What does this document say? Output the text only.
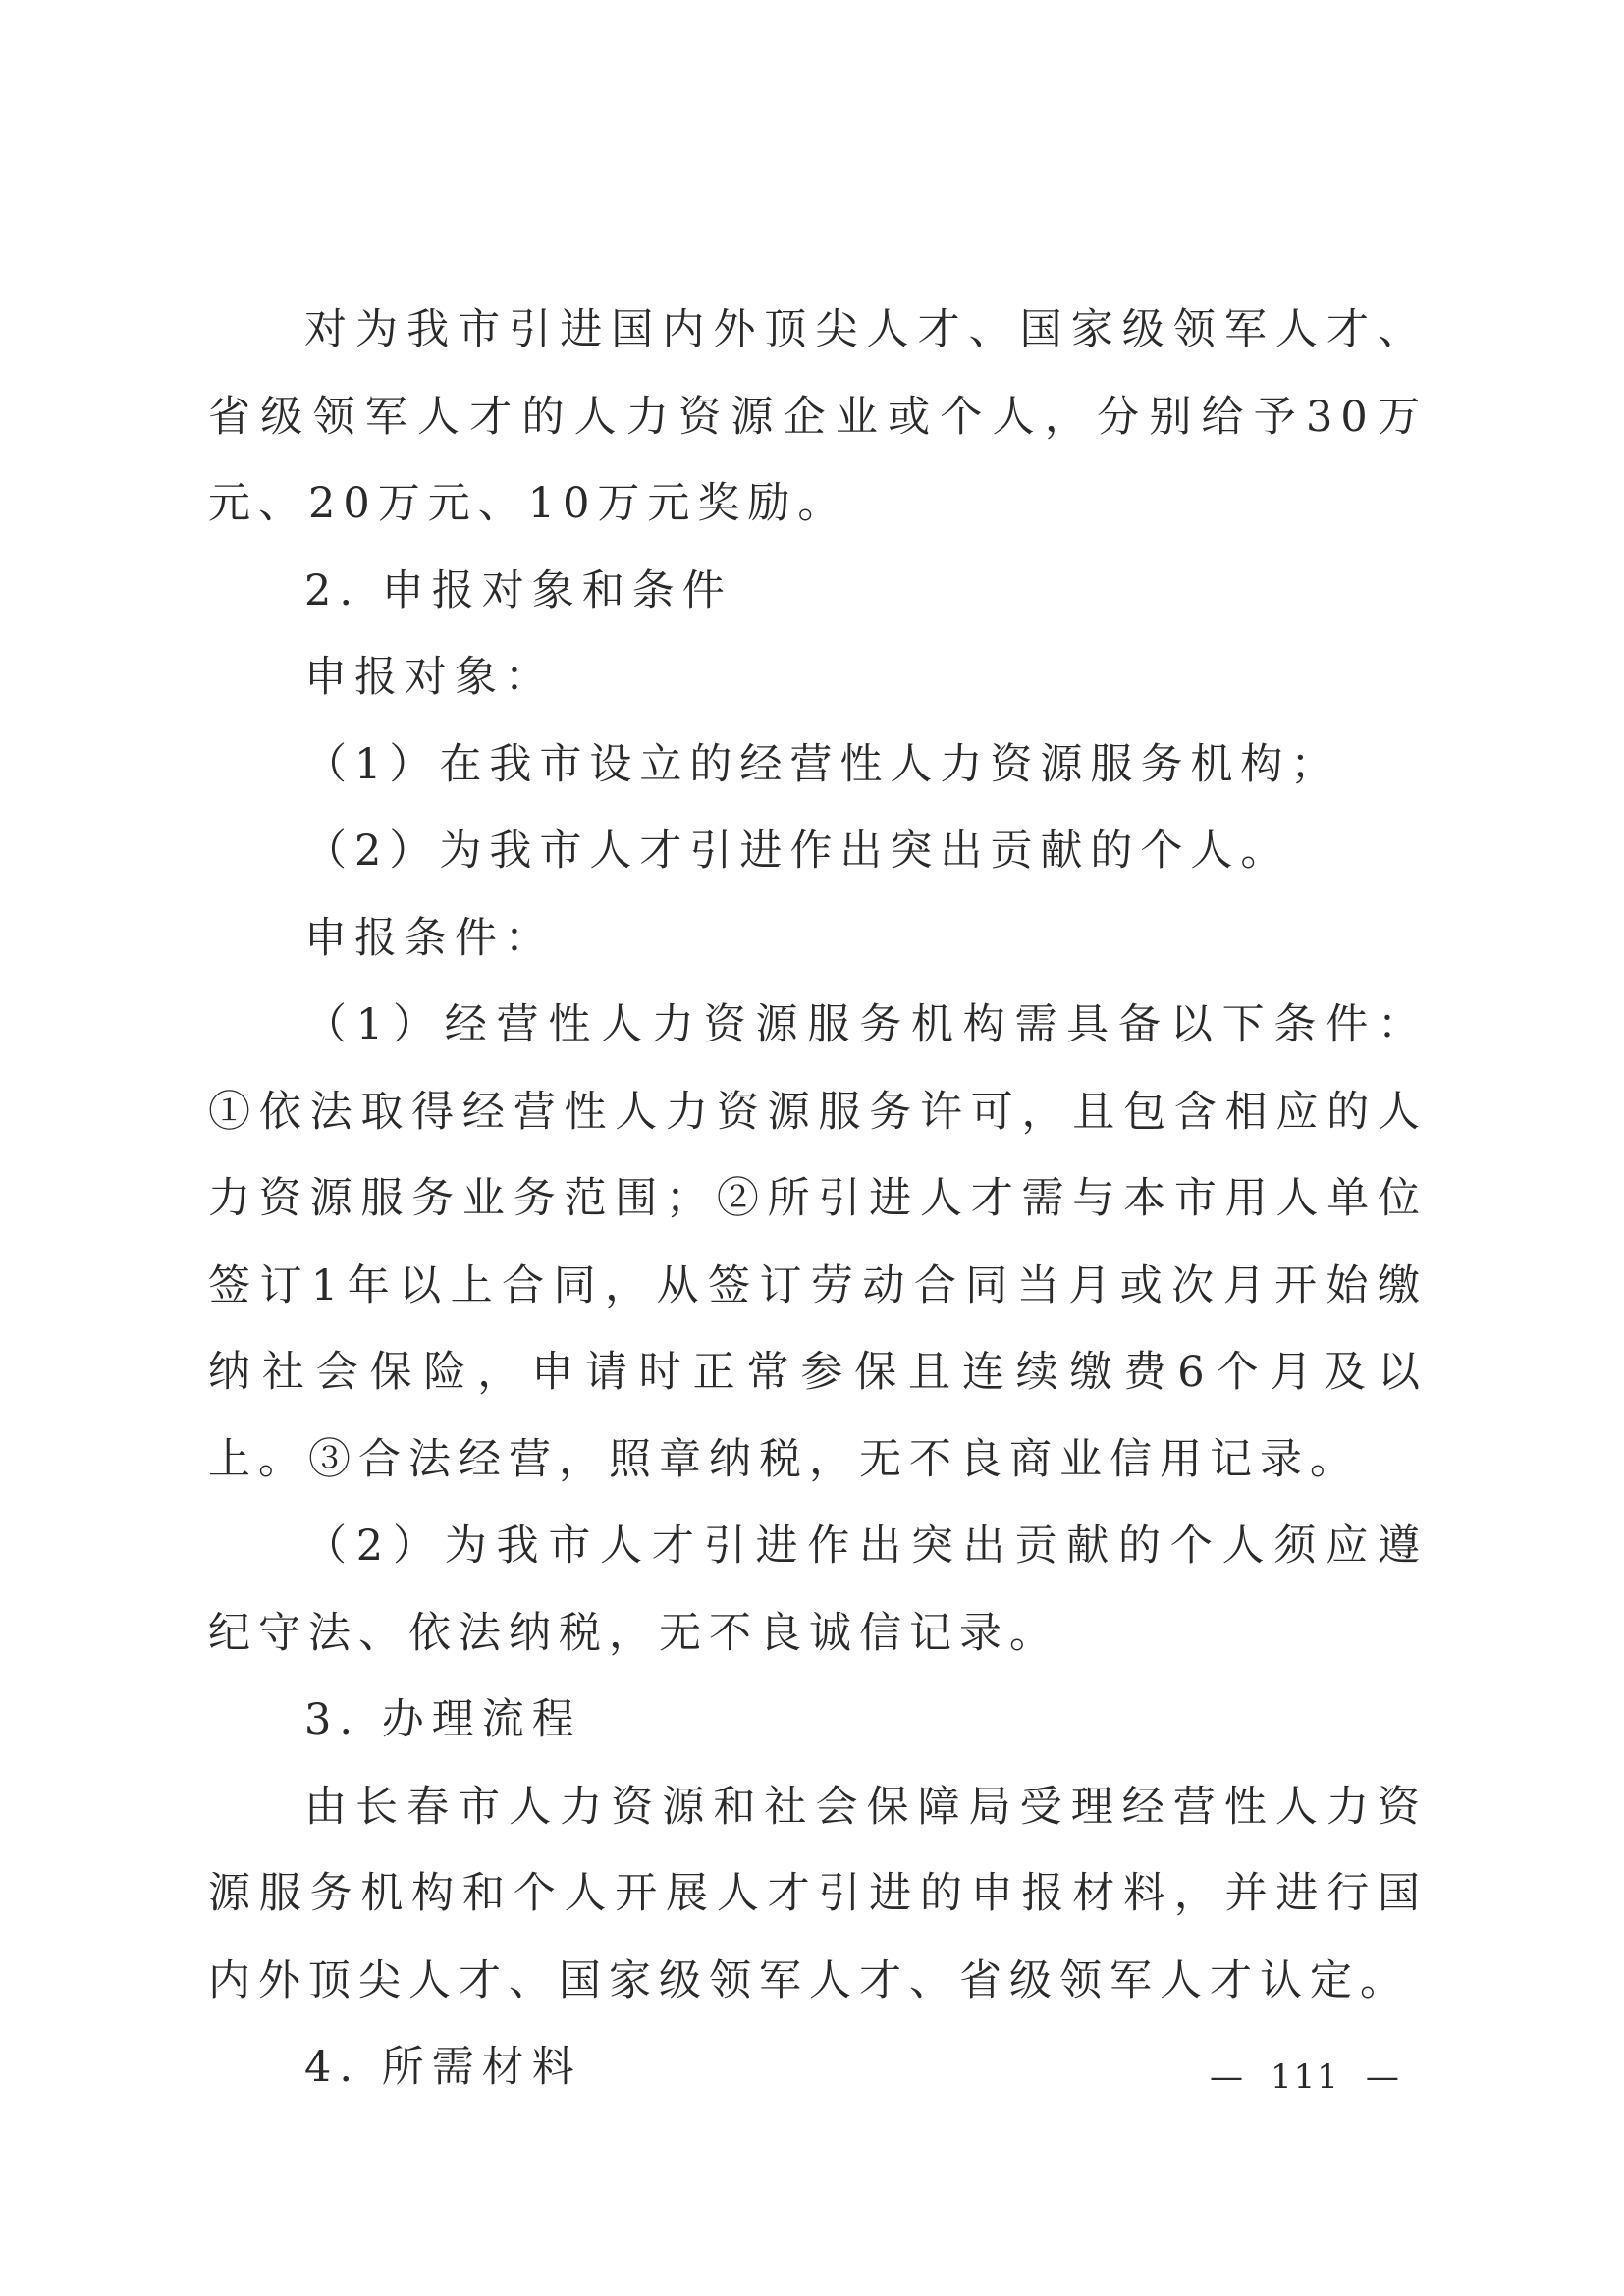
对为我市引进国内外顶尖人才、国家级领军人才、省级领军人才的人力资源企业或个人，分别给予30万元、20万元、10万元奖励。

2. 申报对象和条件

申报对象：

（1）在我市设立的经营性人力资源服务机构；

（2）为我市人才引进作出突出贡献的个人。

申报条件：

（1）经营性人力资源服务机构需具备以下条件：①依法取得经营性人力资源服务许可，且包含相应的人力资源服务业务范围；②所引进人才需与本市用人单位签订1年以上合同，从签订劳动合同当月或次月开始缴纳社会保险，申请时正常参保且连续缴费6个月及以上。③合法经营，照章纳税，无不良商业信用记录。

（2）为我市人才引进作出突出贡献的个人须应遵纪守法、依法纳税，无不良诚信记录。

3. 办理流程

由长春市人力资源和社会保障局受理经营性人力资源服务机构和个人开展人才引进的申报材料，并进行国内外顶尖人才、国家级领军人才、省级领军人才认定。

4. 所需材料	— 111 —
